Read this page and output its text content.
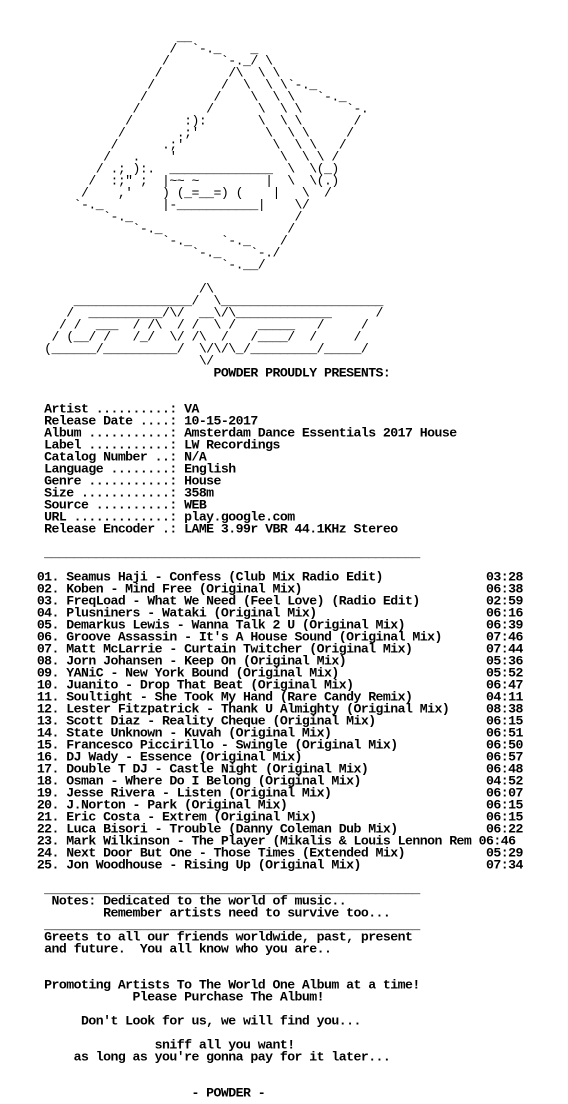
__
/  `-._    _
/       `-._/ \
/         /\  \ \
/         /  \  \ \`-._
/         /    \  \ \   `-._
/         /      \  \ \      `-.
/       :):       \  \ \       /
/       .;'         \  \ \     /
/      .;'            \  \ \   /
/   .    '              \  \ \ /
/ .; ):.  ______________  \  \(_)
/  :;" ;  |~~ ~         |  \  \(.)
/    ,'    ) (_=__=) (    |   \  /
`-._        |-___________|    \/
`-._                      /
`-._                 /
`-._    `-._    /
`-._    `-./
`-.__/
/\
________________/  \______________________
/  __________/\/  __\/\_____________      /
/ /  ___  / /\  / /  \ /   _____   /     /
/ (__/ /   /_/  \/ /\  /   /____/  /     /
(______/__________/  \/\/\_/_________/_____/
\/
POWDER PROUDLY PRESENTS:
Artist ..........: VA
Release Date ....: 10-15-2017
Album ...........: Amsterdam Dance Essentials 2017 House
Label ...........: LW Recordings
Catalog Number ..: N/A
Language ........: English
Genre ...........: House
Size ............: 358m
Source ..........: WEB
URL .............: play.google.com
Release Encoder .: LAME 3.99r VBR 44.1KHz Stereo
___________________________________________________
01. Seamus Haji - Confess (Club Mix Radio Edit)              03:28
02. Koben - Mind Free (Original Mix)                         06:38
03. FreqLoad - What We Need (Feel Love) (Radio Edit)         02:59
04. Plusniners - Wataki (Original Mix)                       06:16
05. Demarkus Lewis - Wanna Talk 2 U (Original Mix)           06:39
06. Groove Assassin - It's A House Sound (Original Mix)      07:46
07. Matt McLarrie - Curtain Twitcher (Original Mix)          07:44
08. Jorn Johansen - Keep On (Original Mix)                   05:36
09. YANiC - New York Bound (Original Mix)                    05:52
10. Juanito - Drop That Beat (Original Mix)                  06:47
11. Soultight - She Took My Hand (Rare Candy Remix)          04:11
12. Lester Fitzpatrick - Thank U Almighty (Original Mix)     08:38
13. Scott Diaz - Reality Cheque (Original Mix)               06:15
14. State Unknown - Kuvah (Original Mix)                     06:51
15. Francesco Piccirillo - Swingle (Original Mix)            06:50
16. DJ Wady - Essence (Original Mix)                         06:57
17. Double T DJ - Castle Night (Original Mix)                06:48
18. Osman - Where Do I Belong (Original Mix)                 04:52
19. Jesse Rivera - Listen (Original Mix)                     06:07
20. J.Norton - Park (Original Mix)                           06:15
21. Eric Costa - Extrem (Original Mix)                       06:15
22. Luca Bisori - Trouble (Danny Coleman Dub Mix)            06:22
23. Mark Wilkinson - The Player (Mikalis & Louis Lennon Rem 06:46
24. Next Door But One - Those Times (Extended Mix)           05:29
25. Jon Woodhouse - Rising Up (Original Mix)                 07:34
___________________________________________________
Notes: Dedicated to the world of music..
Remember artists need to survive too...
___________________________________________________
Greets to all our friends worldwide, past, present
and future.  You all know who you are..
Promoting Artists To The World One Album at a time!
Please Purchase The Album!
Don't Look for us, we will find you...
sniff all you want!
as long as you're gonna pay for it later...
- POWDER -
